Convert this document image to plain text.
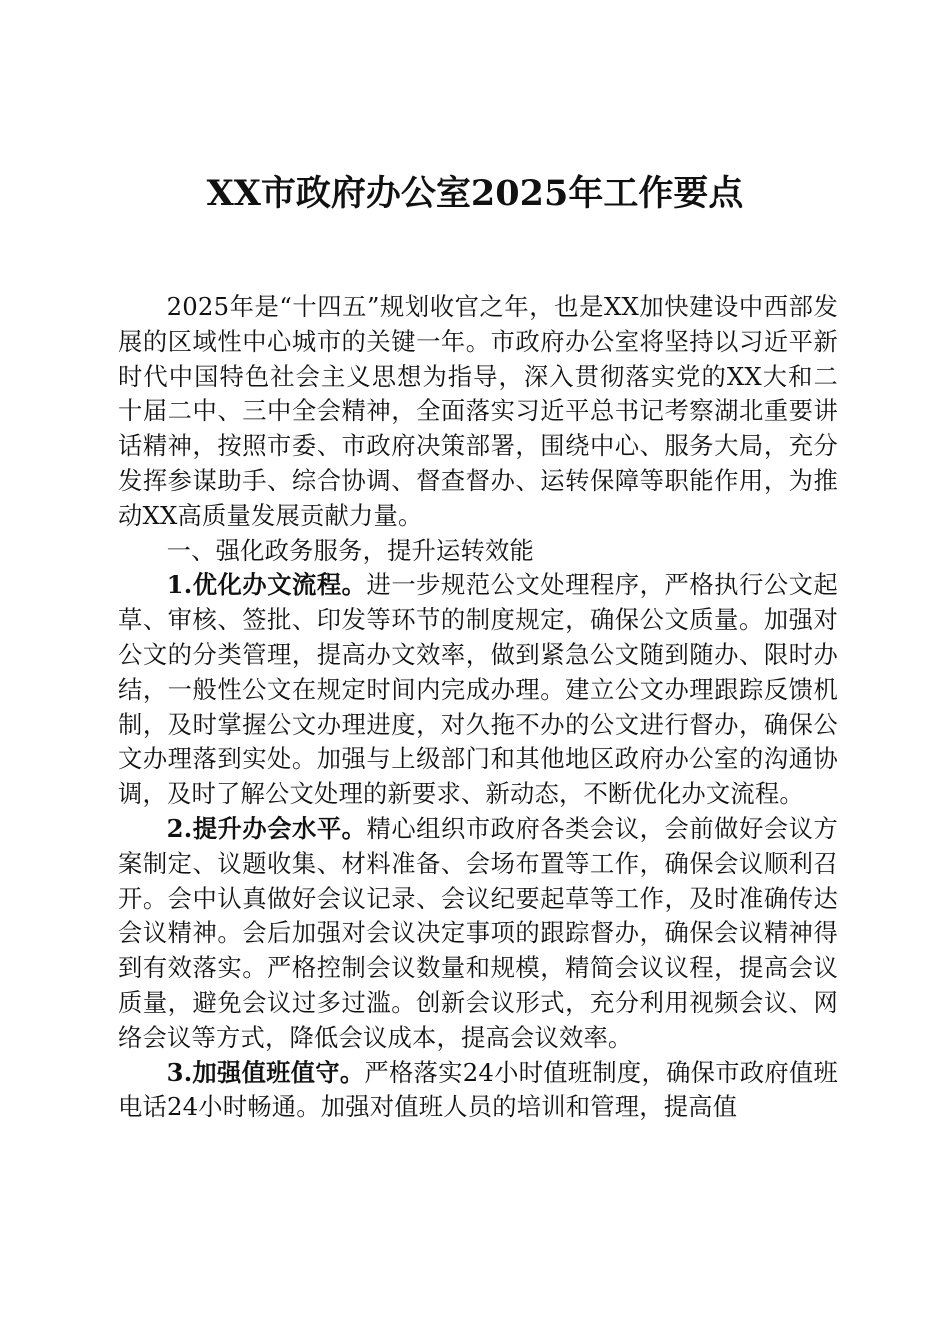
XX市政府办公室2025年工作要点

2025年是“十四五”规划收官之年，也是XX加快建设中西部发展的区域性中心城市的关键一年。市政府办公室将坚持以习近平新时代中国特色社会主义思想为指导，深入贯彻落实党的XX大和二十届二中、三中全会精神，全面落实习近平总书记考察湖北重要讲话精神，按照市委、市政府决策部署，围绕中心、服务大局，充分发挥参谋助手、综合协调、督查督办、运转保障等职能作用，为推动XX高质量发展贡献力量。

一、强化政务服务，提升运转效能

1.优化办文流程。进一步规范公文处理程序，严格执行公文起草、审核、签批、印发等环节的制度规定，确保公文质量。加强对公文的分类管理，提高办文效率，做到紧急公文随到随办、限时办结，一般性公文在规定时间内完成办理。建立公文办理跟踪反馈机制，及时掌握公文办理进度，对久拖不办的公文进行督办，确保公文办理落到实处。加强与上级部门和其他地区政府办公室的沟通协调，及时了解公文处理的新要求、新动态，不断优化办文流程。

2.提升办会水平。精心组织市政府各类会议，会前做好会议方案制定、议题收集、材料准备、会场布置等工作，确保会议顺利召开。会中认真做好会议记录、会议纪要起草等工作，及时准确传达会议精神。会后加强对会议决定事项的跟踪督办，确保会议精神得到有效落实。严格控制会议数量和规模，精简会议议程，提高会议质量，避免会议过多过滥。创新会议形式，充分利用视频会议、网络会议等方式，降低会议成本，提高会议效率。

3.加强值班值守。严格落实24小时值班制度，确保市政府值班电话24小时畅通。加强对值班人员的培训和管理，提高值
